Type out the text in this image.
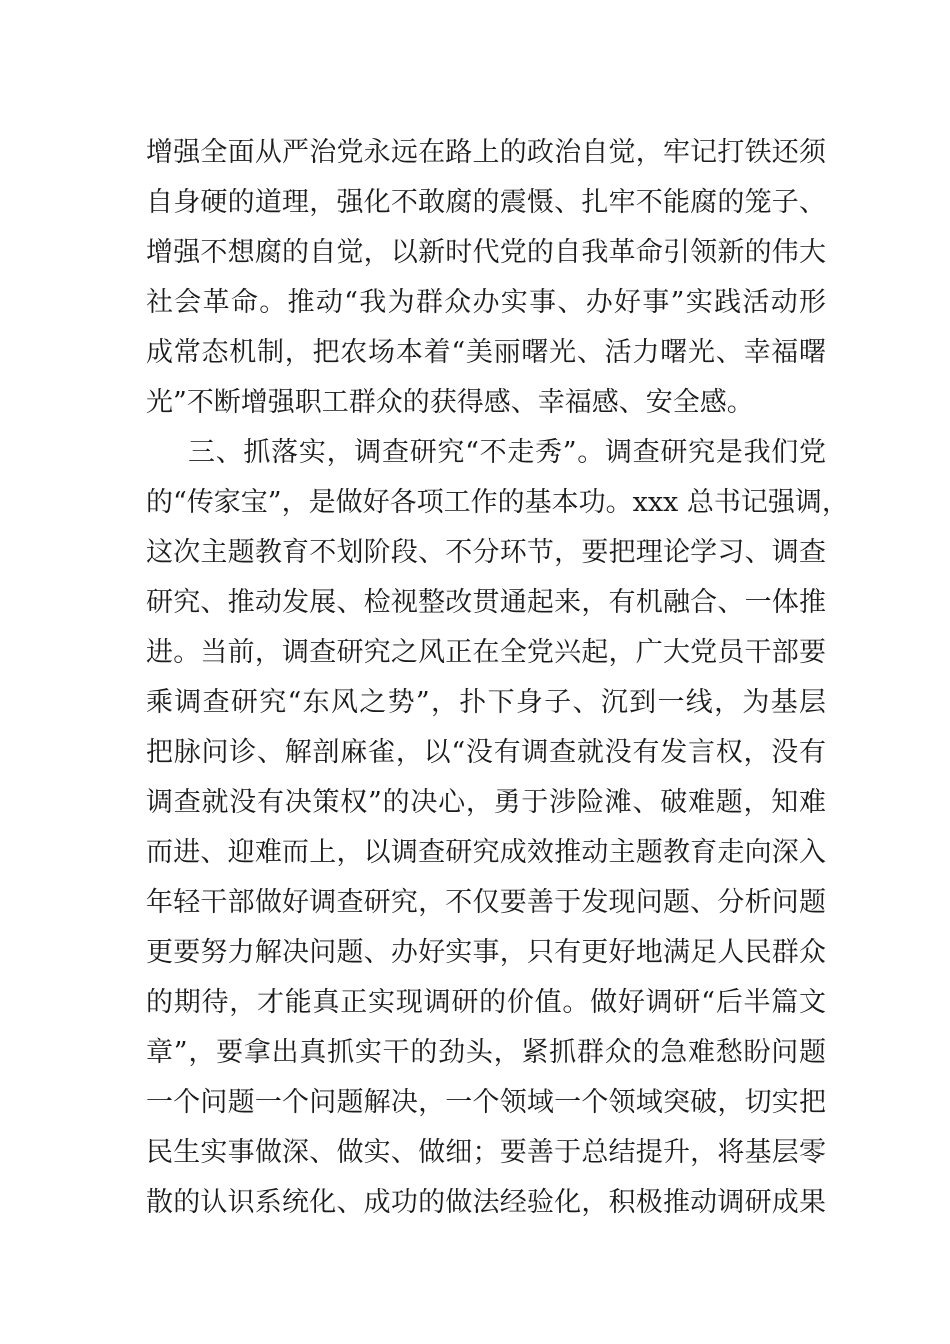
增强全面从严治党永远在路上的政治自觉，牢记打铁还须
自身硬的道理，强化不敢腐的震慑、扎牢不能腐的笼子、
增强不想腐的自觉，以新时代党的自我革命引领新的伟大
社会革命。推动“我为群众办实事、办好事”实践活动形
成常态机制，把农场本着“美丽曙光、活力曙光、幸福曙
光”不断增强职工群众的获得感、幸福感、安全感。
三、抓落实，调查研究“不走秀”。调查研究是我们党
的“传家宝”，是做好各项工作的基本功。xxx 总书记强调，
这次主题教育不划阶段、不分环节，要把理论学习、调查
研究、推动发展、检视整改贯通起来，有机融合、一体推
进。当前，调查研究之风正在全党兴起，广大党员干部要
乘调查研究“东风之势”，扑下身子、沉到一线，为基层
把脉问诊、解剖麻雀，以“没有调查就没有发言权，没有
调查就没有决策权”的决心，勇于涉险滩、破难题，知难
而进、迎难而上，以调查研究成效推动主题教育走向深入
年轻干部做好调查研究，不仅要善于发现问题、分析问题
更要努力解决问题、办好实事，只有更好地满足人民群众
的期待，才能真正实现调研的价值。做好调研“后半篇文
章”，要拿出真抓实干的劲头，紧抓群众的急难愁盼问题
一个问题一个问题解决，一个领域一个领域突破，切实把
民生实事做深、做实、做细；要善于总结提升，将基层零
散的认识系统化、成功的做法经验化，积极推动调研成果
